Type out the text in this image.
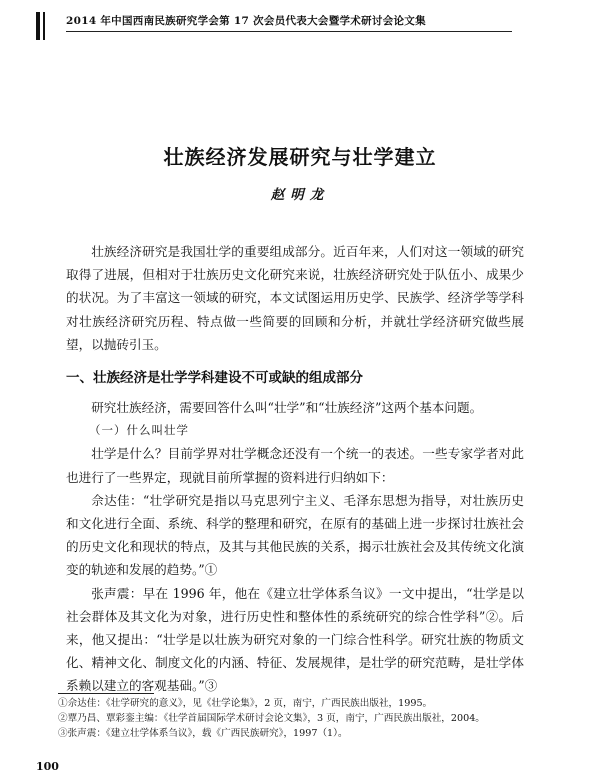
2014 年中国西南民族研究学会第 17 次会员代表大会暨学术研讨会论文集
壮族经济发展研究与壮学建立
赵明龙

壮族经济研究是我国壮学的重要组成部分。近百年来，人们对这一领域的研究取得了进展，但相对于壮族历史文化研究来说，壮族经济研究处于队伍小、成果少的状况。为了丰富这一领域的研究，本文试图运用历史学、民族学、经济学等学科对壮族经济研究历程、特点做一些简要的回顾和分析，并就壮学经济研究做些展望，以抛砖引玉。

一、壮族经济是壮学学科建设不可或缺的组成部分

研究壮族经济，需要回答什么叫“壮学”和“壮族经济”这两个基本问题。

（一）什么叫壮学

壮学是什么？目前学界对壮学概念还没有一个统一的表述。一些专家学者对此也进行了一些界定，现就目前所掌握的资料进行归纳如下：

佘达佳：“壮学研究是指以马克思列宁主义、毛泽东思想为指导，对壮族历史和文化进行全面、系统、科学的整理和研究，在原有的基础上进一步探讨壮族社会的历史文化和现状的特点，及其与其他民族的关系，揭示壮族社会及其传统文化演变的轨迹和发展的趋势。”①

张声震：早在 1996 年，他在《建立壮学体系刍议》一文中提出，“壮学是以社会群体及其文化为对象，进行历史性和整体性的系统研究的综合性学科”②。后来，他又提出：“壮学是以壮族为研究对象的一门综合性科学。研究壮族的物质文化、精神文化、制度文化的内涵、特征、发展规律，是壮学的研究范畴，是壮学体系赖以建立的客观基础。”③

①佘达佳：《壮学研究的意义》，见《壮学论集》，2 页，南宁，广西民族出版社，1995。
②覃乃昌、覃彩銮主编：《壮学首届国际学术研讨会论文集》，3 页，南宁，广西民族出版社，2004。
③张声震：《建立壮学体系刍议》，载《广西民族研究》，1997（1）。
100
